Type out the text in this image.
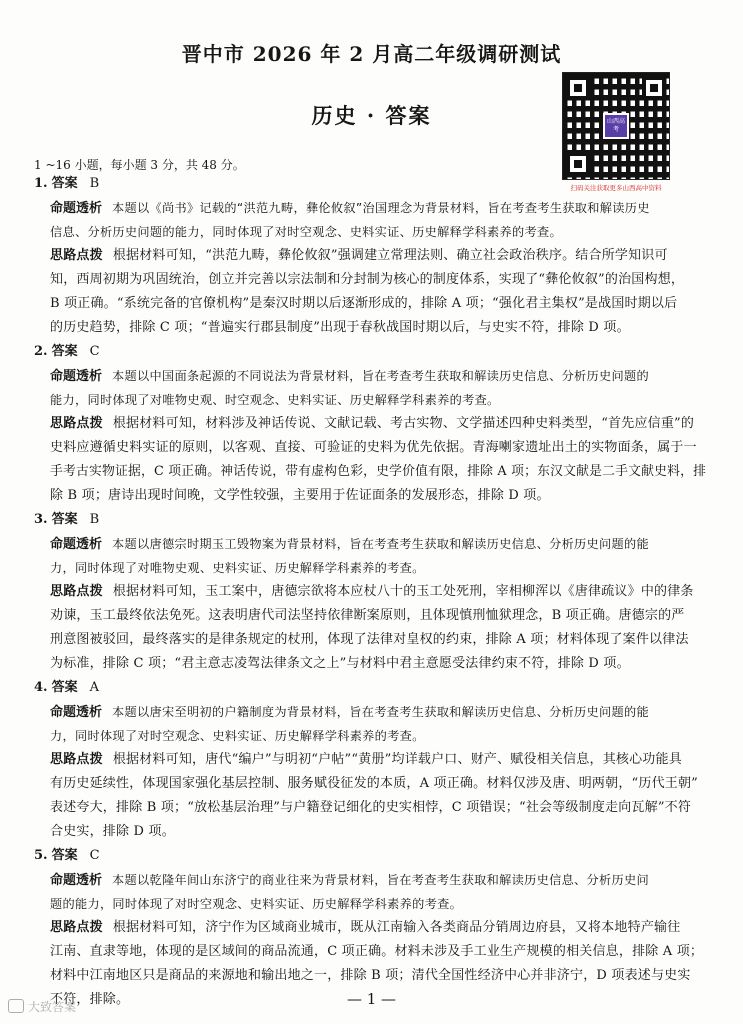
晋中市 2026 年 2 月高二年级调研测试
历史 · 答案	山西高考
扫码关注获取更多山西高中资料
1 ~16 小题，每小题 3 分，共 48 分。
1. 答案 B
命题透析 本题以《尚书》记载的“洪范九畴，彝伦攸叙”治国理念为背景材料，旨在考查考生获取和解读历史
信息、分析历史问题的能力，同时体现了对时空观念、史料实证、历史解释学科素养的考查。
思路点拨 根据材料可知，“洪范九畴，彝伦攸叙”强调建立常理法则、确立社会政治秩序。结合所学知识可
知，西周初期为巩固统治，创立并完善以宗法制和分封制为核心的制度体系，实现了“彝伦攸叙”的治国构想，
B 项正确。“系统完备的官僚机构”是秦汉时期以后逐渐形成的，排除 A 项；“强化君主集权”是战国时期以后
的历史趋势，排除 C 项；“普遍实行郡县制度”出现于春秋战国时期以后，与史实不符，排除 D 项。
2. 答案 C
命题透析 本题以中国面条起源的不同说法为背景材料，旨在考查考生获取和解读历史信息、分析历史问题的
能力，同时体现了对唯物史观、时空观念、史料实证、历史解释学科素养的考查。
思路点拨 根据材料可知，材料涉及神话传说、文献记载、考古实物、文学描述四种史料类型，“首先应信重”的
史料应遵循史料实证的原则，以客观、直接、可验证的史料为优先依据。青海喇家遗址出土的实物面条，属于一
手考古实物证据，C 项正确。神话传说，带有虚构色彩，史学价值有限，排除 A 项；东汉文献是二手文献史料，排
除 B 项；唐诗出现时间晚，文学性较强，主要用于佐证面条的发展形态，排除 D 项。
3. 答案 B
命题透析 本题以唐德宗时期玉工毁物案为背景材料，旨在考查考生获取和解读历史信息、分析历史问题的能
力，同时体现了对唯物史观、史料实证、历史解释学科素养的考查。
思路点拨 根据材料可知，玉工案中，唐德宗欲将本应杖八十的玉工处死刑，宰相柳浑以《唐律疏议》中的律条
劝谏，玉工最终依法免死。这表明唐代司法坚持依律断案原则，且体现慎刑恤狱理念，B 项正确。唐德宗的严
刑意图被驳回，最终落实的是律条规定的杖刑，体现了法律对皇权的约束，排除 A 项；材料体现了案件以律法
为标准，排除 C 项；“君主意志凌驾法律条文之上”与材料中君主意愿受法律约束不符，排除 D 项。
4. 答案 A
命题透析 本题以唐宋至明初的户籍制度为背景材料，旨在考查考生获取和解读历史信息、分析历史问题的能
力，同时体现了对时空观念、史料实证、历史解释学科素养的考查。
思路点拨 根据材料可知，唐代“编户”与明初“户帖”“黄册”均详载户口、财产、赋役相关信息，其核心功能具
有历史延续性，体现国家强化基层控制、服务赋役征发的本质，A 项正确。材料仅涉及唐、明两朝，“历代王朝”
表述夸大，排除 B 项；“放松基层治理”与户籍登记细化的史实相悖，C 项错误；“社会等级制度走向瓦解”不符
合史实，排除 D 项。
5. 答案 C
命题透析 本题以乾隆年间山东济宁的商业往来为背景材料，旨在考查考生获取和解读历史信息、分析历史问
题的能力，同时体现了对时空观念、史料实证、历史解释学科素养的考查。
思路点拨 根据材料可知，济宁作为区域商业城市，既从江南输入各类商品分销周边府县，又将本地特产输往
江南、直隶等地，体现的是区域间的商品流通，C 项正确。材料未涉及手工业生产规模的相关信息，排除 A 项；
材料中江南地区只是商品的来源地和输出地之一，排除 B 项；清代全国性经济中心并非济宁，D 项表述与史实
不符，排除。	— 1 —
大致答案
